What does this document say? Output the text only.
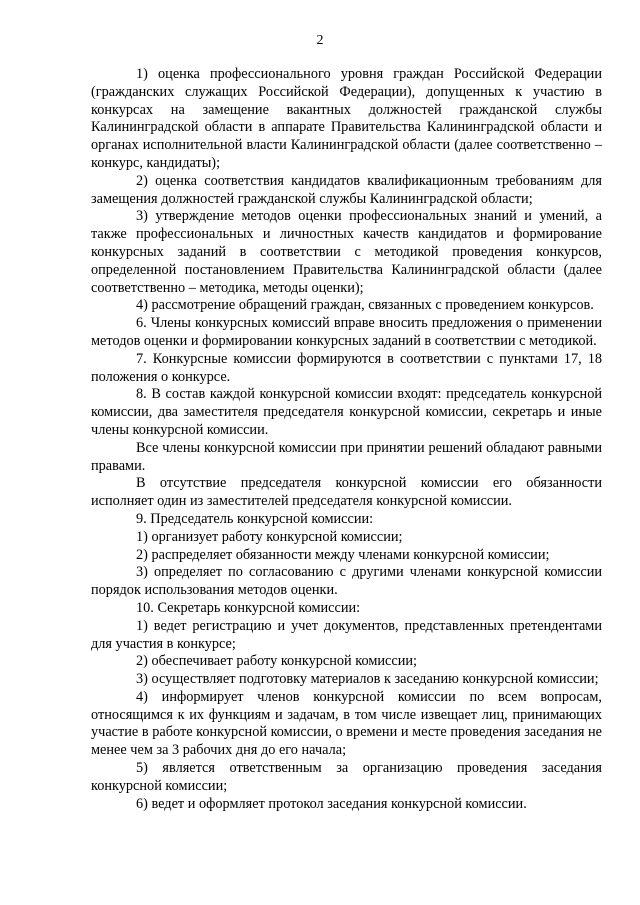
2

1) оценка профессионального уровня граждан Российской Федерации (гражданских служащих Российской Федерации), допущенных к участию в конкурсах на замещение вакантных должностей гражданской службы Калининградской области в аппарате Правительства Калининградской области и органах исполнительной власти Калининградской области (далее соответственно – конкурс, кандидаты);

2) оценка соответствия кандидатов квалификационным требованиям для замещения должностей гражданской службы Калининградской области;

3) утверждение методов оценки профессиональных знаний и умений, а также профессиональных и личностных качеств кандидатов и формирование конкурсных заданий в соответствии с методикой проведения конкурсов, определенной постановлением Правительства Калининградской области (далее соответственно – методика, методы оценки);

4) рассмотрение обращений граждан, связанных с проведением конкурсов.

6. Члены конкурсных комиссий вправе вносить предложения о применении методов оценки и формировании конкурсных заданий в соответствии с методикой.

7. Конкурсные комиссии формируются в соответствии с пунктами 17, 18 положения о конкурсе.

8. В состав каждой конкурсной комиссии входят: председатель конкурсной комиссии, два заместителя председателя конкурсной комиссии, секретарь и иные члены конкурсной комиссии.

Все члены конкурсной комиссии при принятии решений обладают равными правами.

В отсутствие председателя конкурсной комиссии его обязанности исполняет один из заместителей председателя конкурсной комиссии.

9. Председатель конкурсной комиссии:

1) организует работу конкурсной комиссии;

2) распределяет обязанности между членами конкурсной комиссии;

3) определяет по согласованию с другими членами конкурсной комиссии порядок использования методов оценки.

10. Секретарь конкурсной комиссии:

1) ведет регистрацию и учет документов, представленных претендентами для участия в конкурсе;

2) обеспечивает работу конкурсной комиссии;

3) осуществляет подготовку материалов к заседанию конкурсной комиссии;

4) информирует членов конкурсной комиссии по всем вопросам, относящимся к их функциям и задачам, в том числе извещает лиц, принимающих участие в работе конкурсной комиссии, о времени и месте проведения заседания не менее чем за 3 рабочих дня до его начала;

5) является ответственным за организацию проведения заседания конкурсной комиссии;

6) ведет и оформляет протокол заседания конкурсной комиссии.
